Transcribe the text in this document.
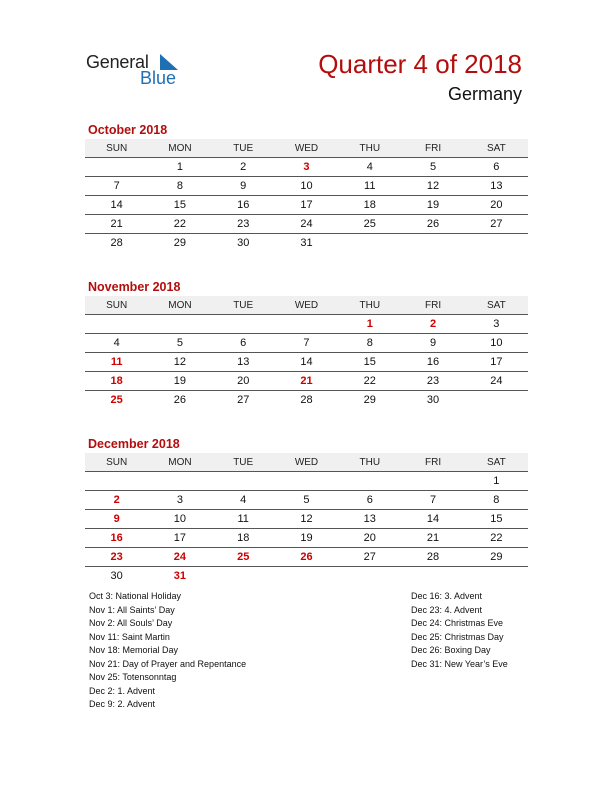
General
Blue	Quarter 4 of 2018
Germany
October 2018
SUN	MON	TUE	WED	THU	FRI	SAT
	1	2	3	4	5	6
7	8	9	10	11	12	13
14	15	16	17	18	19	20
21	22	23	24	25	26	27
28	29	30	31			
November 2018
SUN	MON	TUE	WED	THU	FRI	SAT
				1	2	3
4	5	6	7	8	9	10
11	12	13	14	15	16	17
18	19	20	21	22	23	24
25	26	27	28	29	30	
December 2018
SUN	MON	TUE	WED	THU	FRI	SAT
						1
2	3	4	5	6	7	8
9	10	11	12	13	14	15
16	17	18	19	20	21	22
23	24	25	26	27	28	29
30	31					
Oct 3: National Holiday
Nov 1: All Saints’ Day
Nov 2: All Souls’ Day
Nov 11: Saint Martin
Nov 18: Memorial Day
Nov 21: Day of Prayer and Repentance
Nov 25: Totensonntag
Dec 2: 1. Advent
Dec 9: 2. Advent
Dec 16: 3. Advent
Dec 23: 4. Advent
Dec 24: Christmas Eve
Dec 25: Christmas Day
Dec 26: Boxing Day
Dec 31: New Year’s Eve
